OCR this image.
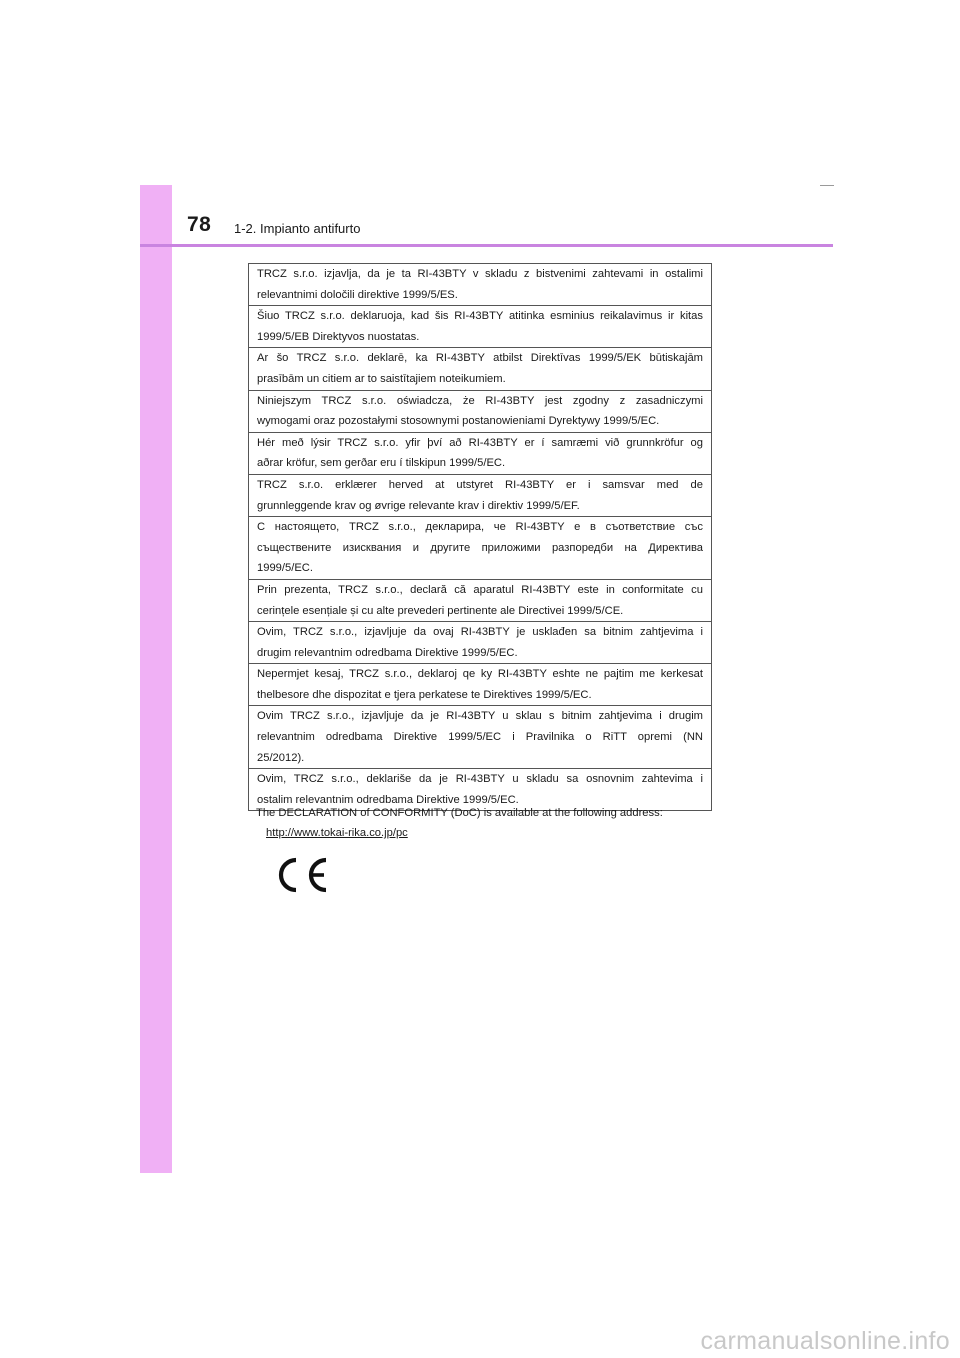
78 1-2. Impianto antifurto
TRCZ s.r.o. izjavlja, da je ta RI-43BTY v skladu z bistvenimi zahtevami in ostalimi
relevantnimi določili direktive 1999/5/ES.
Šiuo TRCZ s.r.o. deklaruoja, kad šis RI-43BTY atitinka esminius reikalavimus ir kitas
1999/5/EB Direktyvos nuostatas.
Ar šo TRCZ s.r.o. deklarē, ka RI-43BTY atbilst Direktīvas 1999/5/EK būtiskajām
prasībām un citiem ar to saistītajiem noteikumiem.
Niniejszym TRCZ s.r.o. oświadcza, że RI-43BTY jest zgodny z zasadniczymi
wymogami oraz pozostałymi stosownymi postanowieniami Dyrektywy 1999/5/EC.
Hér með lýsir TRCZ s.r.o. yfir því að RI-43BTY er í samræmi við grunnkröfur og
aðrar kröfur, sem gerðar eru í tilskipun 1999/5/EC.
TRCZ s.r.o. erklærer herved at utstyret RI-43BTY er i samsvar med de
grunnleggende krav og øvrige relevante krav i direktiv 1999/5/EF.
С настоящето, TRCZ s.r.o., декларира, че RI-43BTY е в съответствие със
съществените изисквания и другите приложими разпоредби на Директива
1999/5/EC.
Prin prezenta, TRCZ s.r.o., declară că aparatul RI-43BTY este in conformitate cu
cerințele esențiale și cu alte prevederi pertinente ale Directivei 1999/5/CE.
Ovim, TRCZ s.r.o., izjavljuje da ovaj RI-43BTY je usklađen sa bitnim zahtjevima i
drugim relevantnim odredbama Direktive 1999/5/EC.
Nepermjet kesaj, TRCZ s.r.o., deklaroj qe ky RI-43BTY eshte ne pajtim me kerkesat
thelbesore dhe dispozitat e tjera perkatese te Direktives 1999/5/EC.
Ovim TRCZ s.r.o., izjavljuje da je RI-43BTY u sklau s bitnim zahtjevima i drugim
relevantnim odredbama Direktive 1999/5/EC i Pravilnika o RiTT opremi (NN
25/2012).
Ovim, TRCZ s.r.o., deklariše da je RI-43BTY u skladu sa osnovnim zahtevima i
ostalim relevantnim odredbama Direktive 1999/5/EC.
The DECLARATION of CONFORMITY (DoC) is available at the following address:
http://www.tokai-rika.co.jp/pc
carmanualsonline.info
